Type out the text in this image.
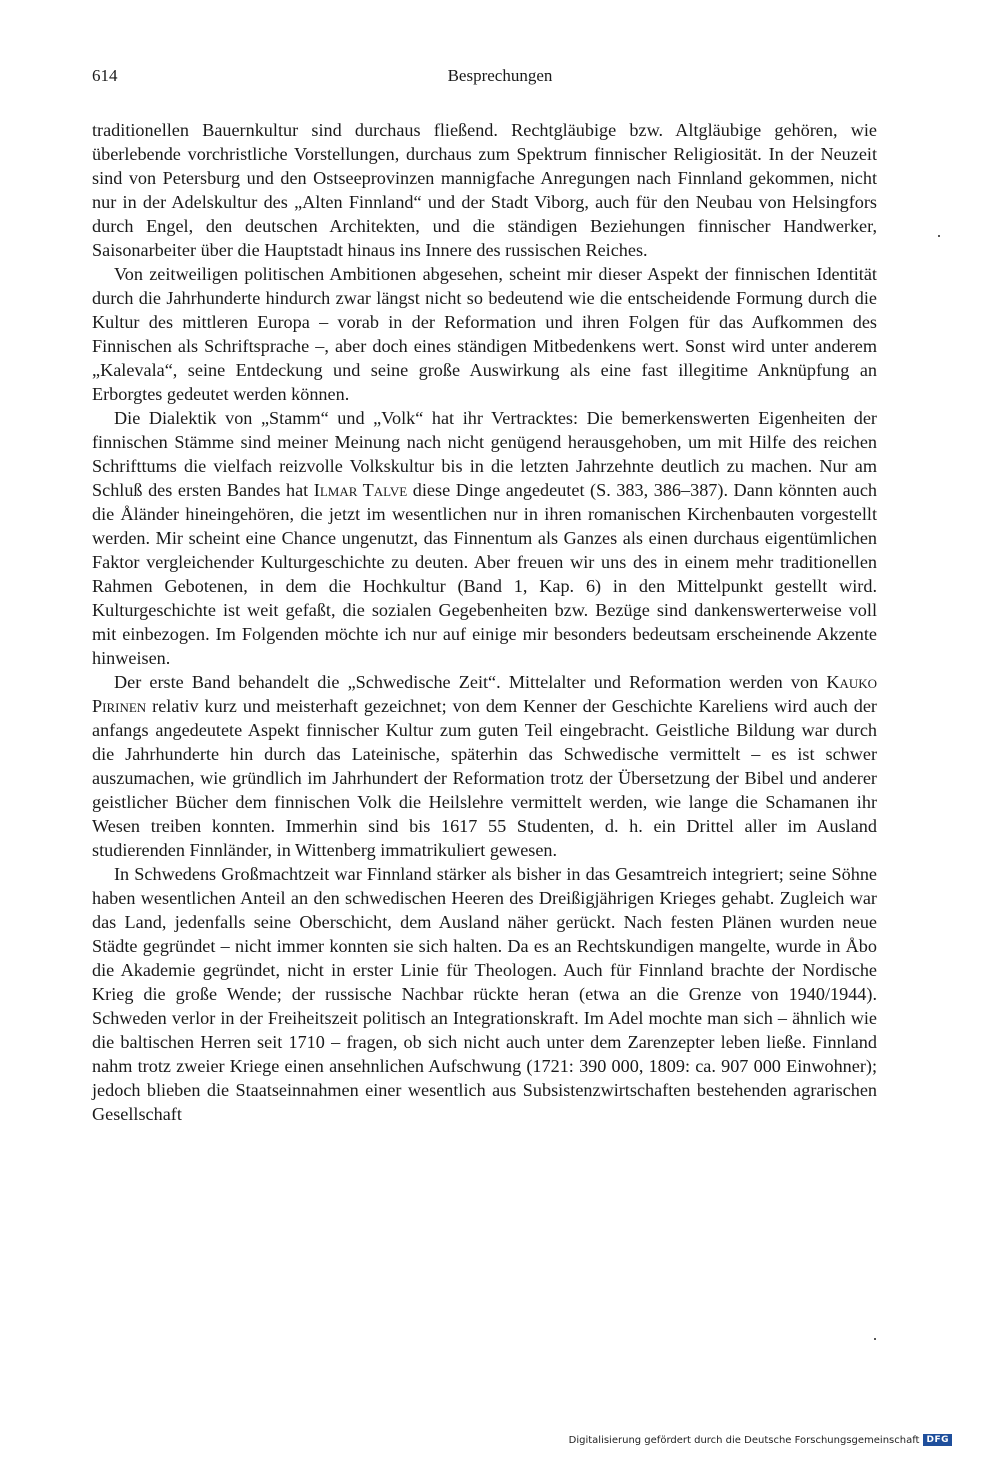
614	Besprechungen

traditionellen Bauernkultur sind durchaus fließend. Rechtgläubige bzw. Altgläubige gehören, wie überlebende vorchristliche Vorstellungen, durchaus zum Spektrum finnischer Religiosität. In der Neuzeit sind von Petersburg und den Ostseeprovinzen mannigfache Anregungen nach Finnland gekommen, nicht nur in der Adelskultur des „Alten Finnland“ und der Stadt Viborg, auch für den Neubau von Helsingfors durch Engel, den deutschen Architekten, und die ständigen Beziehungen finnischer Handwerker, Saisonarbeiter über die Hauptstadt hinaus ins Innere des russischen Reiches.

Von zeitweiligen politischen Ambitionen abgesehen, scheint mir dieser Aspekt der finnischen Identität durch die Jahrhunderte hindurch zwar längst nicht so bedeutend wie die entscheidende Formung durch die Kultur des mittleren Europa – vorab in der Reformation und ihren Folgen für das Aufkommen des Finnischen als Schriftsprache –, aber doch eines ständigen Mitbedenkens wert. Sonst wird unter anderem „Kalevala“, seine Entdeckung und seine große Auswirkung als eine fast illegitime Anknüpfung an Erborgtes gedeutet werden können.

Die Dialektik von „Stamm“ und „Volk“ hat ihr Vertracktes: Die bemerkenswerten Eigenheiten der finnischen Stämme sind meiner Meinung nach nicht genügend herausgehoben, um mit Hilfe des reichen Schrifttums die vielfach reizvolle Volkskultur bis in die letzten Jahrzehnte deutlich zu machen. Nur am Schluß des ersten Bandes hat Ilmar Talve diese Dinge angedeutet (S. 383, 386–387). Dann könnten auch die Åländer hineingehören, die jetzt im wesentlichen nur in ihren romanischen Kirchenbauten vorgestellt werden. Mir scheint eine Chance ungenutzt, das Finnentum als Ganzes als einen durchaus eigentümlichen Faktor vergleichender Kulturgeschichte zu deuten. Aber freuen wir uns des in einem mehr traditionellen Rahmen Gebotenen, in dem die Hochkultur (Band 1, Kap. 6) in den Mittelpunkt gestellt wird. Kulturgeschichte ist weit gefaßt, die sozialen Gegebenheiten bzw. Bezüge sind dankenswerterweise voll mit einbezogen. Im Folgenden möchte ich nur auf einige mir besonders bedeutsam erscheinende Akzente hinweisen.

Der erste Band behandelt die „Schwedische Zeit“. Mittelalter und Reformation werden von Kauko Pirinen relativ kurz und meisterhaft gezeichnet; von dem Kenner der Geschichte Kareliens wird auch der anfangs angedeutete Aspekt finnischer Kultur zum guten Teil eingebracht. Geistliche Bildung war durch die Jahrhunderte hin durch das Lateinische, späterhin das Schwedische vermittelt – es ist schwer auszumachen, wie gründlich im Jahrhundert der Reformation trotz der Übersetzung der Bibel und anderer geistlicher Bücher dem finnischen Volk die Heilslehre vermittelt werden, wie lange die Schamanen ihr Wesen treiben konnten. Immerhin sind bis 1617 55 Studenten, d. h. ein Drittel aller im Ausland studierenden Finnländer, in Wittenberg immatrikuliert gewesen.

In Schwedens Großmachtzeit war Finnland stärker als bisher in das Gesamtreich integriert; seine Söhne haben wesentlichen Anteil an den schwedischen Heeren des Dreißigjährigen Krieges gehabt. Zugleich war das Land, jedenfalls seine Oberschicht, dem Ausland näher gerückt. Nach festen Plänen wurden neue Städte gegründet – nicht immer konnten sie sich halten. Da es an Rechtskundigen mangelte, wurde in Åbo die Akademie gegründet, nicht in erster Linie für Theologen. Auch für Finnland brachte der Nordische Krieg die große Wende; der russische Nachbar rückte heran (etwa an die Grenze von 1940/1944). Schweden verlor in der Freiheitszeit politisch an Integrationskraft. Im Adel mochte man sich – ähnlich wie die baltischen Herren seit 1710 – fragen, ob sich nicht auch unter dem Zarenzepter leben ließe. Finnland nahm trotz zweier Kriege einen ansehnlichen Aufschwung (1721: 390 000, 1809: ca. 907 000 Einwohner); jedoch blieben die Staatseinnahmen einer wesentlich aus Subsistenzwirtschaften bestehenden agrarischen Gesellschaft

Digitalisierung gefördert durch die Deutsche Forschungsgemeinschaft DFG
